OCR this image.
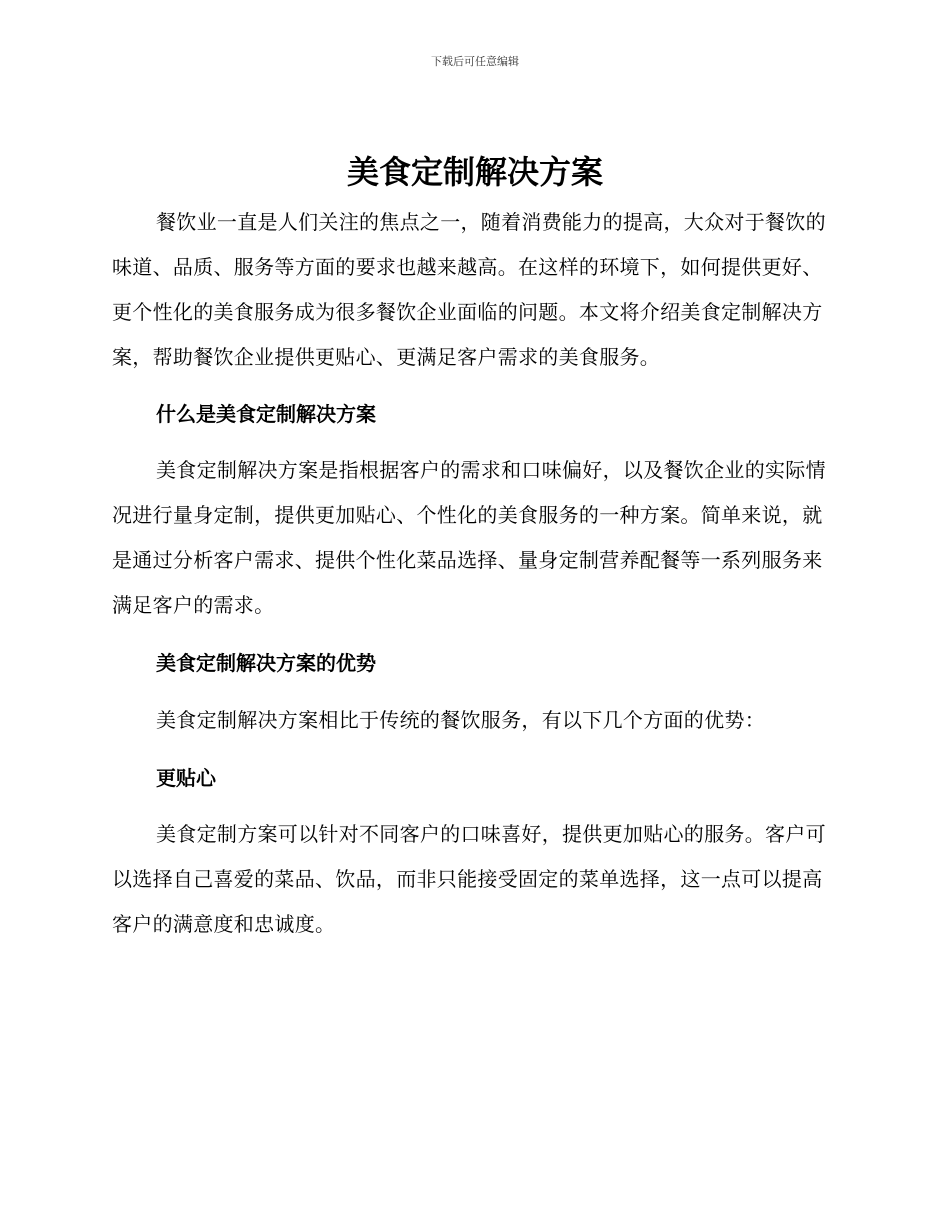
下载后可任意编辑
美食定制解决方案

餐饮业一直是人们关注的焦点之一，随着消费能力的提高，大众对于餐饮的味道、品质、服务等方面的要求也越来越高。在这样的环境下，如何提供更好、更个性化的美食服务成为很多餐饮企业面临的问题。本文将介绍美食定制解决方案，帮助餐饮企业提供更贴心、更满足客户需求的美食服务。

什么是美食定制解决方案

美食定制解决方案是指根据客户的需求和口味偏好，以及餐饮企业的实际情况进行量身定制，提供更加贴心、个性化的美食服务的一种方案。简单来说，就是通过分析客户需求、提供个性化菜品选择、量身定制营养配餐等一系列服务来满足客户的需求。

美食定制解决方案的优势

美食定制解决方案相比于传统的餐饮服务，有以下几个方面的优势：

更贴心

美食定制方案可以针对不同客户的口味喜好，提供更加贴心的服务。客户可以选择自己喜爱的菜品、饮品，而非只能接受固定的菜单选择，这一点可以提高客户的满意度和忠诚度。
